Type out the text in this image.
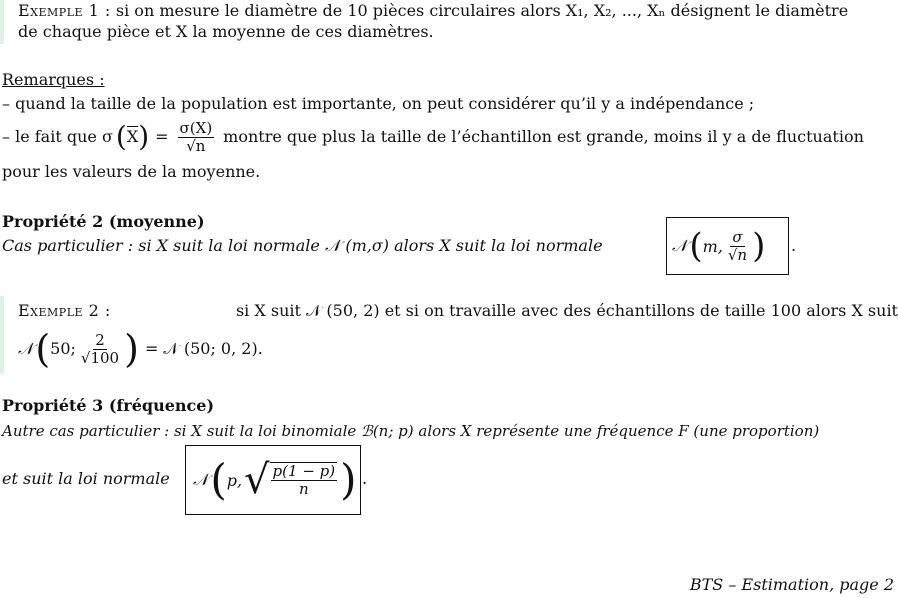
Exemple 1 : si on mesure le diamètre de 10 pièces circulaires alors X₁, X₂, ..., Xₙ désignent le diamètre
de chaque pièce et X la moyenne de ces diamètres.
Remarques :
– quand la taille de la population est importante, on peut considérer qu’il y a indépendance ;
– le fait que σ ( $\overline{X}$ ) = $\frac{\sigma(X)}{√n}$ montre que plus la taille de l’échantillon est grande, moins il y a de fluctuation
pour les valeurs de la moyenne.
Propriété 2 (moyenne)
Cas particulier : si X suit la loi normale 𝒩 (m,σ) alors X suit la loi normale	𝒩 ( m, $\frac{\sigma}{√n}$ ) .
Exemple 2 :	si X suit 𝒩 (50, 2) et si on travaille avec des échantillons de taille 100 alors X suit
𝒩 ( 50; $\frac{2}{√100}$ ) = 𝒩 (50; 0, 2).
Propriété 3 (fréquence)
Autre cas particulier : si X suit la loi binomiale ℬ(n; p) alors X représente une fréquence F (une proportion)
et suit la loi normale 𝒩 ( p, √ $\frac{p(1 - p)}{n}$ ) .
BTS – Estimation, page 2
